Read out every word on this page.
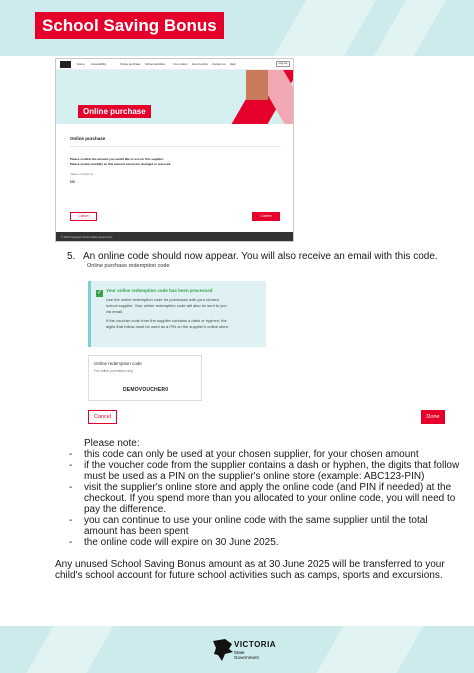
School Saving Bonus
Home Accessibility	Online purchase School activities	Your orders How it works Contact us Help	Log out
Online purchase
Online purchase
Please confirm the amount you would like to use for this supplier.
Please review carefully as this amount cannot be changed or reversed.
Value of uniforms
$50
Cancel	Confirm
© 2024 Copyright Victoria State Government
5. An online code should now appear. You will also receive an email with this code.
Online purchase redemption code
✓ Your online redemption code has been processed
Use the online redemption code for purchases with your chosen
school supplier. Your online redemption code will also be sent to you
via email.
If the voucher code from the supplier contains a dash or hyphen, the
digits that follow must be used as a PIN on the supplier's online store.
Online redemption code
For online purchases only
DEMOVOUCHER0
Cancel	Done
Please note:
- this code can only be used at your chosen supplier, for your chosen amount
- if the voucher code from the supplier contains a dash or hyphen, the digits that follow
must be used as a PIN on the supplier's online store (example: ABC123-PIN)
- visit the supplier's online store and apply the online code (and PIN if needed) at the
checkout. If you spend more than you allocated to your online code, you will need to
pay the difference.
- you can continue to use your online code with the same supplier until the total
amount has been spent
- the online code will expire on 30 June 2025.
Any unused School Saving Bonus amount as at 30 June 2025 will be transferred to your
child's school account for future school activities such as camps, sports and excursions.
VICTORIA
State
Government
